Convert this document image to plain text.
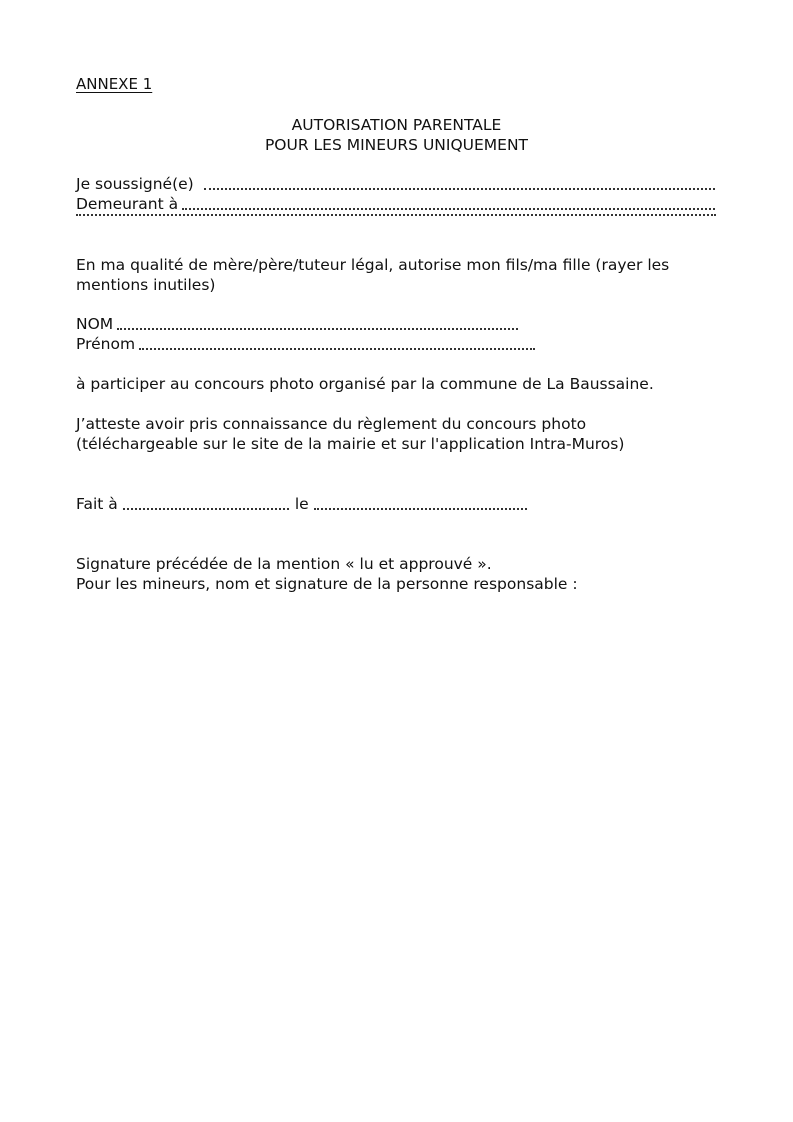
ANNEXE 1
AUTORISATION PARENTALE
POUR LES MINEURS UNIQUEMENT
Je soussigné(e)
Demeurant à
En ma qualité de mère/père/tuteur légal, autorise mon fils/ma fille (rayer les
mentions inutiles)
NOM
Prénom
à participer au concours photo organisé par la commune de La Baussaine.
J’atteste avoir pris connaissance du règlement du concours photo
(téléchargeable sur le site de la mairie et sur l'application Intra-Muros)
Fait à	le
Signature précédée de la mention « lu et approuvé ».
Pour les mineurs, nom et signature de la personne responsable :
